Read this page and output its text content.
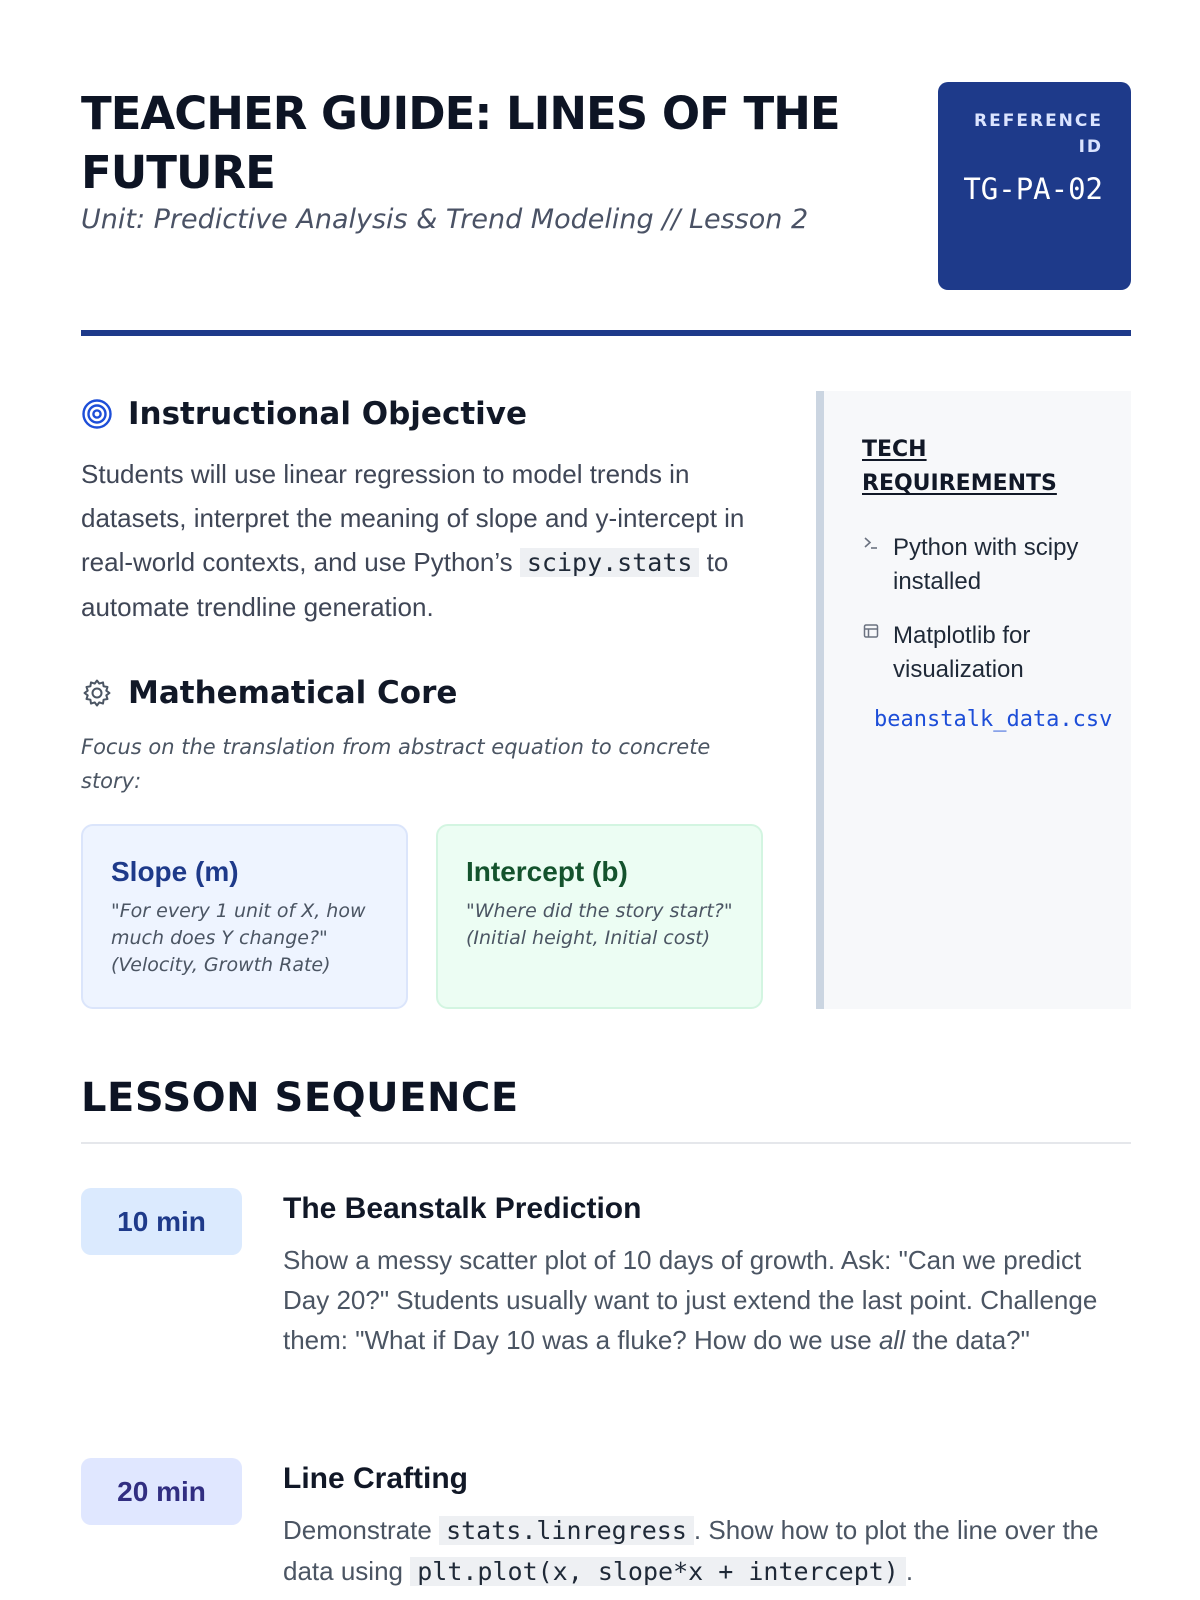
TEACHER GUIDE: LINES OF THE FUTURE
Unit: Predictive Analysis & Trend Modeling // Lesson 2
REFERENCE ID
TG-PA-02
Instructional Objective
Students will use linear regression to model trends in datasets, interpret the meaning of slope and y-intercept in real-world contexts, and use Python’s scipy.stats to automate trendline generation.
Mathematical Core
Focus on the translation from abstract equation to concrete story:
Slope (m)

"For every 1 unit of X, how much does Y change?" (Velocity, Growth Rate)

Intercept (b)

"Where did the story start?" (Initial height, Initial cost)

TECH REQUIREMENTS
Python with scipy installed
Matplotlib for visualization
beanstalk_data.csv
LESSON SEQUENCE
10 min	The Beanstalk Prediction

Show a messy scatter plot of 10 days of growth. Ask: "Can we predict Day 20?" Students usually want to just extend the last point. Challenge them: "What if Day 10 was a fluke? How do we use all the data?"

20 min	Line Crafting

Demonstrate stats.linregress . Show how to plot the line over the data using plt.plot(x, slope*x + intercept) .
